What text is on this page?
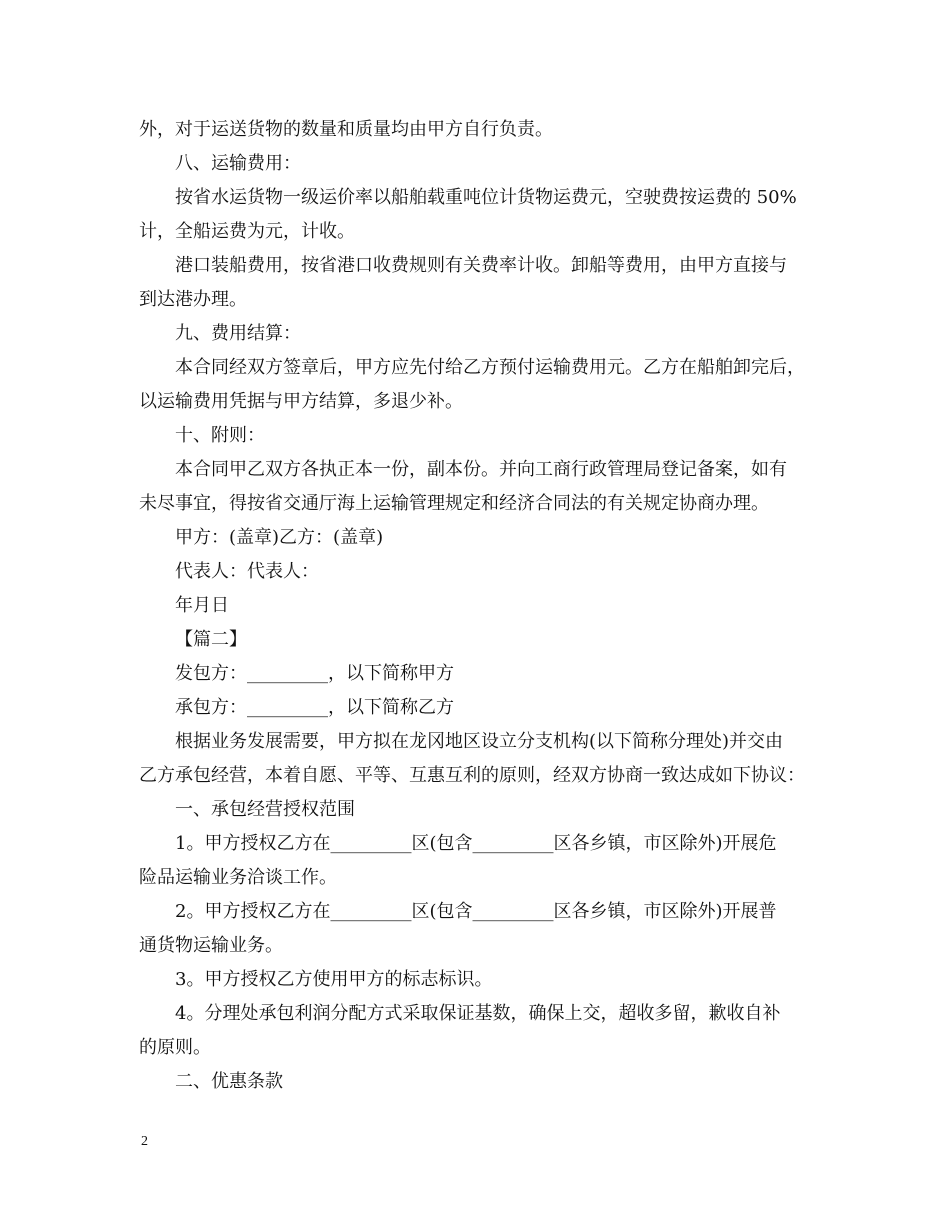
外，对于运送货物的数量和质量均由甲方自行负责。
八、运输费用：
按省水运货物一级运价率以船舶载重吨位计货物运费元，空驶费按运费的 50%
计，全船运费为元，计收。
港口装船费用，按省港口收费规则有关费率计收。卸船等费用，由甲方直接与
到达港办理。
九、费用结算：
本合同经双方签章后，甲方应先付给乙方预付运输费用元。乙方在船舶卸完后，
以运输费用凭据与甲方结算，多退少补。
十、附则：
本合同甲乙双方各执正本一份，副本份。并向工商行政管理局登记备案，如有
未尽事宜，得按省交通厅海上运输管理规定和经济合同法的有关规定协商办理。
甲方：(盖章)乙方：(盖章)
代表人：代表人：
年月日
【篇二】
发包方：_________，以下简称甲方
承包方：_________，以下简称乙方
根据业务发展需要，甲方拟在龙冈地区设立分支机构(以下简称分理处)并交由
乙方承包经营，本着自愿、平等、互惠互利的原则，经双方协商一致达成如下协议：
一、承包经营授权范围
1。甲方授权乙方在_________区(包含_________区各乡镇，市区除外)开展危
险品运输业务洽谈工作。
2。甲方授权乙方在_________区(包含_________区各乡镇，市区除外)开展普
通货物运输业务。
3。甲方授权乙方使用甲方的标志标识。
4。分理处承包利润分配方式采取保证基数，确保上交，超收多留，歉收自补
的原则。
二、优惠条款
2
